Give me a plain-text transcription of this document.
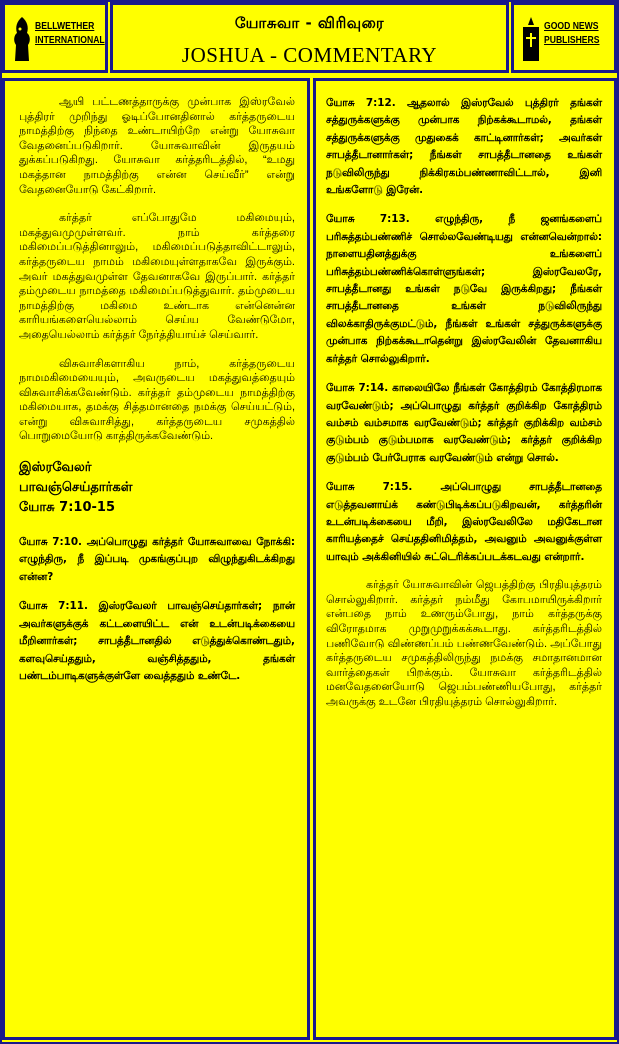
BELLWETHER
INTERNATIONAL
யோசுவா - விரிவுரை
JOSHUA - COMMENTARY
GOOD NEWS
PUBLISHERS

ஆயி பட்டணத்தாருக்கு முன்பாக இஸ்ரவேல் புத்திரர் முறிந்து ஓடிப்போனதினால் கர்த்தருடைய நாமத்திற்கு நிந்தை உண்டாயிற்றே என்று யோசுவா வேதனைப்படுகிறார். யோசுவாவின் இருதயம் துக்கப்படுகிறது. யோசுவா கர்த்தரிடத்தில், “உமது மகத்தான நாமத்திற்கு என்ன செய்வீர்” என்று வேதனையோடு கேட்கிறார்.

கர்த்தர் எப்போதுமே மகிமையும், மகத்துவமுமுள்ளவர். நாம் கர்த்தரை மகிமைப்படுத்தினாலும், மகிமைப்படுத்தாவிட்டாலும், கர்த்தருடைய நாமம் மகிமையுள்ளதாகவே இருக்கும். அவர் மகத்துவமுள்ள தேவனாகவே இருப்பார். கர்த்தர் தம்முடைய நாமத்தை மகிமைப்படுத்துவார். தம்முடைய நாமத்திற்கு மகிமை உண்டாக என்னென்ன காரியங்களையெல்லாம் செய்ய வேண்டுமோ, அதையெல்லாம் கர்த்தர் நேர்த்தியாய்ச் செய்வார்.

விசுவாசிகளாகிய நாம், கர்த்தருடைய நாமமகிமையையும், அவருடைய மகத்துவத்தையும் விசுவாசிக்கவேண்டும். கர்த்தர் தம்முடைய நாமத்திற்கு மகிமையாக, தமக்கு சித்தமானதை நமக்கு செய்யட்டும், என்று விசுவாசித்து, கர்த்தருடைய சமுகத்தில் பொறுமையோடு காத்திருக்கவேண்டும்.

இஸ்ரவேலர்
பாவஞ்செய்தார்கள்
யோசு 7:10-15

யோசு 7:10. அப்பொழுது கர்த்தர் யோசுவாவை நோக்கி: எழுந்திரு, நீ இப்படி முகங்குப்புற விழுந்துகிடக்கிறது என்ன?

யோசு 7:11. இஸ்ரவேலர் பாவஞ்செய்தார்கள்; நான் அவர்களுக்குக் கட்டளையிட்ட என் உடன்படிக்கையை மீறினார்கள்; சாபத்தீடானதில் எடுத்துக்கொண்டதும், களவுசெய்ததும், வஞ்சித்ததும், தங்கள் பண்டம்பாடிகளுக்குள்ளே வைத்ததும் உண்டே.

யோசு 7:12. ஆதலால் இஸ்ரவேல் புத்திரர் தங்கள் சத்துருக்களுக்கு முன்பாக நிற்கக்கூடாமல், தங்கள் சத்துருக்களுக்கு முதுகைக் காட்டினார்கள்; அவர்கள் சாபத்தீடானார்கள்; நீங்கள் சாபத்தீடானதை உங்கள் நடுவிலிருந்து நிக்கிரகம்பண்ணாவிட்டால், இனி உங்களோடு இரேன்.

யோசு 7:13. எழுந்திரு, நீ ஜனங்களைப் பரிசுத்தம்பண்ணிச் சொல்லவேண்டியது என்னவென்றால்: நாளையதினத்துக்கு உங்களைப் பரிசுத்தம்பண்ணிக்கொள்ளுங்கள்; இஸ்ரவேலரே, சாபத்தீடானது உங்கள் நடுவே இருக்கிறது; நீங்கள் சாபத்தீடானதை உங்கள் நடுவிலிருந்து விலக்காதிருக்குமட்டும், நீங்கள் உங்கள் சத்துருக்களுக்கு முன்பாக நிற்கக்கூடாதென்று இஸ்ரவேலின் தேவனாகிய கர்த்தர் சொல்லுகிறார்.

யோசு 7:14. காலையிலே நீங்கள் கோத்திரம் கோத்திரமாக வரவேண்டும்; அப்பொழுது கர்த்தர் குறிக்கிற கோத்திரம் வம்சம் வம்சமாக வரவேண்டும்; கர்த்தர் குறிக்கிற வம்சம் குடும்பம் குடும்பமாக வரவேண்டும்; கர்த்தர் குறிக்கிற குடும்பம் பேர்பேராக வரவேண்டும் என்று சொல்.

யோசு 7:15. அப்பொழுது சாபத்தீடானதை எடுத்தவனாய்க் கண்டுபிடிக்கப்படுகிறவன், கர்த்தரின் உடன்படிக்கையை மீறி, இஸ்ரவேலிலே மதிகேடான காரியத்தைச் செய்ததினிமித்தம், அவனும் அவனுக்குள்ள யாவும் அக்கினியில் சுட்டெரிக்கப்படக்கடவது என்றார்.

கர்த்தர் யோசுவாவின் ஜெபத்திற்கு பிரதியுத்தரம் சொல்லுகிறார். கர்த்தர் நம்மீது கோபமாயிருக்கிறார் என்பதை நாம் உணரும்போது, நாம் கர்த்தருக்கு விரோதமாக முறுமுறுக்கக்கூடாது. கர்த்தரிடத்தில் பணிவோடு விண்ணப்பம் பண்ணவேண்டும். அப்போது கர்த்தருடைய சமுகத்திலிருந்து நமக்கு சமாதானமான வார்த்தைகள் பிறக்கும். யோசுவா கர்த்தரிடத்தில் மனவேதனையோடு ஜெபம்பண்ணியபோது, கர்த்தர் அவருக்கு உடனே பிரதியுத்தரம் சொல்லுகிறார்.
